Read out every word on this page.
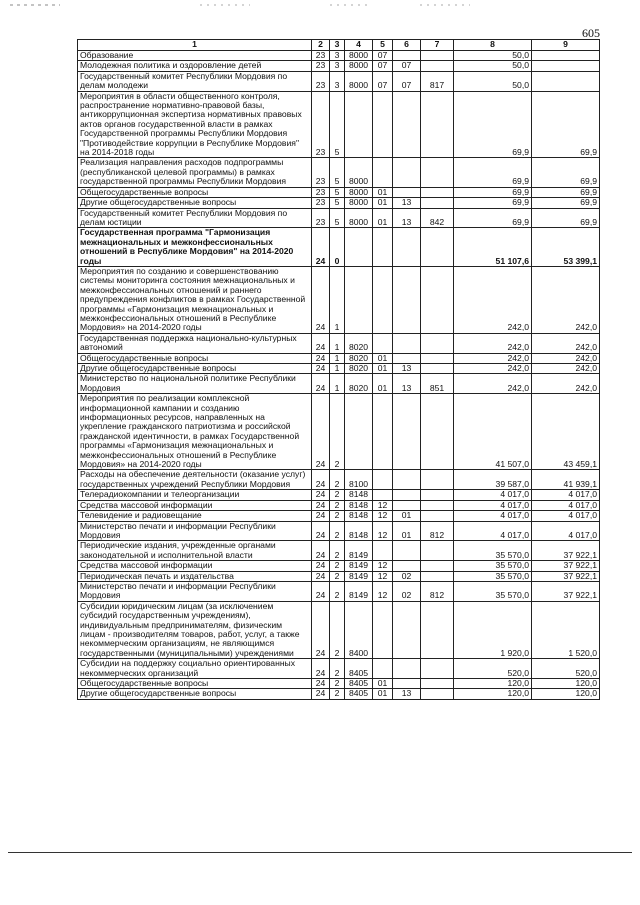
605
1	2	3	4	5	6	7	8	9
Образование	23	3	8000	07			50,0	
Молодежная политика и оздоровление детей	23	3	8000	07	07		50,0	
Государственный комитет Республики Мордовия по делам молодежи	23	3	8000	07	07	817	50,0	
Мероприятия в области общественного контроля, распространение нормативно-правовой базы, антикоррупционная экспертиза нормативных правовых актов органов государственной власти в рамках Государственной программы Республики Мордовия "Противодействие коррупции в Республике Мордовия" на 2014-2018 годы	23	5					69,9	69,9
Реализация направления расходов подпрограммы (республиканской целевой программы) в рамках государственной программы Республики Мордовия	23	5	8000				69,9	69,9
Общегосударственные вопросы	23	5	8000	01			69,9	69,9
Другие общегосударственные вопросы	23	5	8000	01	13		69,9	69,9
Государственный комитет Республики Мордовия по делам юстиции	23	5	8000	01	13	842	69,9	69,9
Государственная программа "Гармонизация межнациональных и межконфессиональных отношений в Республике Мордовия" на 2014-2020 годы	24	0					51 107,6	53 399,1
Мероприятия по созданию и совершенствованию системы мониторинга состояния межнациональных и межконфессиональных отношений и раннего предупреждения конфликтов в рамках Государственной программы «Гармонизация межнациональных и межконфессиональных отношений в Республике Мордовия» на 2014-2020 годы	24	1					242,0	242,0
Государственная поддержка национально-культурных автономий	24	1	8020				242,0	242,0
Общегосударственные вопросы	24	1	8020	01			242,0	242,0
Другие общегосударственные вопросы	24	1	8020	01	13		242,0	242,0
Министерство по национальной политике Республики Мордовия	24	1	8020	01	13	851	242,0	242,0
Мероприятия по реализации комплексной информационной кампании и созданию информационных ресурсов, направленных на укрепление гражданского патриотизма и российской гражданской идентичности, в рамках Государственной программы «Гармонизация межнациональных и межконфессиональных отношений в Республике Мордовия» на 2014-2020 годы	24	2					41 507,0	43 459,1
Расходы на обеспечение деятельности (оказание услуг) государственных учреждений Республики Мордовия	24	2	8100				39 587,0	41 939,1
Телерадиокомпании и телеорганизации	24	2	8148				4 017,0	4 017,0
Средства массовой информации	24	2	8148	12			4 017,0	4 017,0
Телевидение и радиовещание	24	2	8148	12	01		4 017,0	4 017,0
Министерство печати и информации Республики Мордовия	24	2	8148	12	01	812	4 017,0	4 017,0
Периодические издания, учрежденные органами законодательной и исполнительной власти	24	2	8149				35 570,0	37 922,1
Средства массовой информации	24	2	8149	12			35 570,0	37 922,1
Периодическая печать и издательства	24	2	8149	12	02		35 570,0	37 922,1
Министерство печати и информации Республики Мордовия	24	2	8149	12	02	812	35 570,0	37 922,1
Субсидии юридическим лицам (за исключением субсидий государственным учреждениям), индивидуальным предпринимателям, физическим лицам - производителям товаров, работ, услуг, а также некоммерческим организациям, не являющимся государственными (муниципальными) учреждениями	24	2	8400				1 920,0	1 520,0
Субсидии на поддержку социально ориентированных некоммерческих организаций	24	2	8405				520,0	520,0
Общегосударственные вопросы	24	2	8405	01			120,0	120,0
Другие общегосударственные вопросы	24	2	8405	01	13		120,0	120,0
